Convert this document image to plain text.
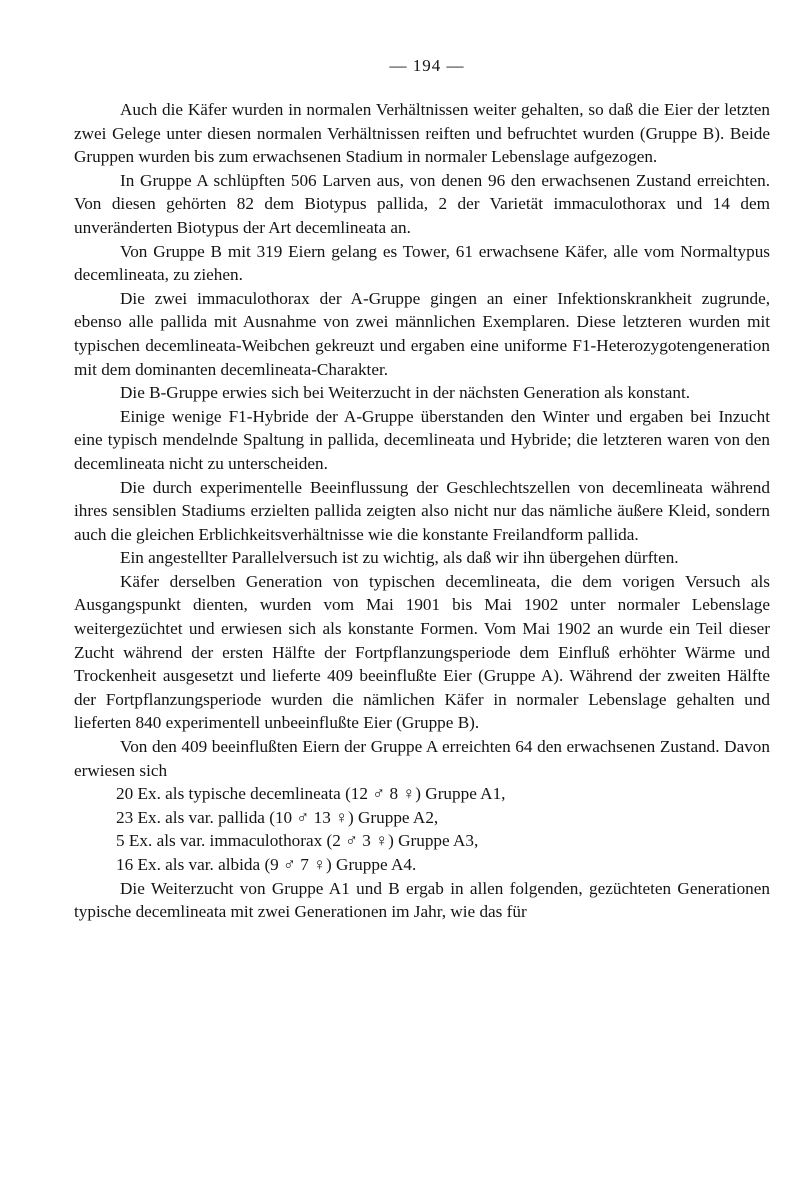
— 194 —

Auch die Käfer wurden in normalen Verhältnissen weiter gehalten, so daß die Eier der letzten zwei Gelege unter diesen normalen Verhältnissen reiften und befruchtet wurden (Gruppe B). Beide Gruppen wurden bis zum erwachsenen Stadium in normaler Lebenslage aufgezogen.

In Gruppe A schlüpften 506 Larven aus, von denen 96 den erwachsenen Zustand erreichten. Von diesen gehörten 82 dem Biotypus pallida, 2 der Varietät immaculothorax und 14 dem unveränderten Biotypus der Art decemlineata an.

Von Gruppe B mit 319 Eiern gelang es Tower, 61 erwachsene Käfer, alle vom Normaltypus decemlineata, zu ziehen.

Die zwei immaculothorax der A-Gruppe gingen an einer Infektionskrankheit zugrunde, ebenso alle pallida mit Ausnahme von zwei männlichen Exemplaren. Diese letzteren wurden mit typischen decemlineata-Weibchen gekreuzt und ergaben eine uniforme F1-Heterozygotengeneration mit dem dominanten decemlineata-Charakter.

Die B-Gruppe erwies sich bei Weiterzucht in der nächsten Generation als konstant.

Einige wenige F1-Hybride der A-Gruppe überstanden den Winter und ergaben bei Inzucht eine typisch mendelnde Spaltung in pallida, decemlineata und Hybride; die letzteren waren von den decemlineata nicht zu unterscheiden.

Die durch experimentelle Beeinflussung der Geschlechtszellen von decemlineata während ihres sensiblen Stadiums erzielten pallida zeigten also nicht nur das nämliche äußere Kleid, sondern auch die gleichen Erblichkeitsverhältnisse wie die konstante Freilandform pallida.

Ein angestellter Parallelversuch ist zu wichtig, als daß wir ihn übergehen dürften.

Käfer derselben Generation von typischen decemlineata, die dem vorigen Versuch als Ausgangspunkt dienten, wurden vom Mai 1901 bis Mai 1902 unter normaler Lebenslage weitergezüchtet und erwiesen sich als konstante Formen. Vom Mai 1902 an wurde ein Teil dieser Zucht während der ersten Hälfte der Fortpflanzungsperiode dem Einfluß erhöhter Wärme und Trockenheit ausgesetzt und lieferte 409 beeinflußte Eier (Gruppe A). Während der zweiten Hälfte der Fortpflanzungsperiode wurden die nämlichen Käfer in normaler Lebenslage gehalten und lieferten 840 experimentell unbeeinflußte Eier (Gruppe B).

Von den 409 beeinflußten Eiern der Gruppe A erreichten 64 den erwachsenen Zustand. Davon erwiesen sich

20 Ex. als typische decemlineata (12 ♂ 8 ♀) Gruppe A1,
23 Ex. als var. pallida (10 ♂ 13 ♀) Gruppe A2,
5 Ex. als var. immaculothorax (2 ♂ 3 ♀) Gruppe A3,
16 Ex. als var. albida (9 ♂ 7 ♀) Gruppe A4.

Die Weiterzucht von Gruppe A1 und B ergab in allen folgenden, gezüchteten Generationen typische decemlineata mit zwei Generationen im Jahr, wie das für
